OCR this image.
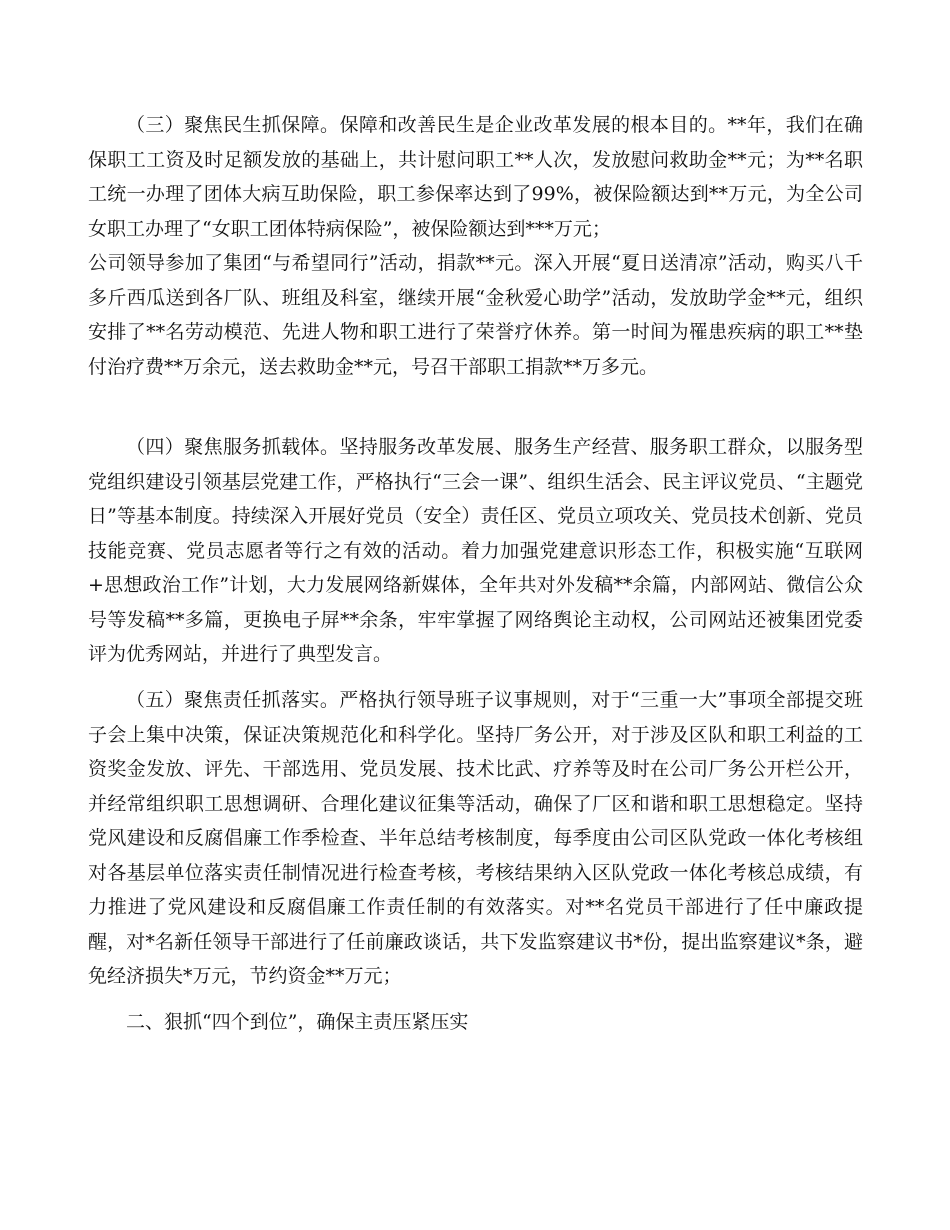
（三）聚焦民生抓保障。保障和改善民生是企业改革发展的根本目的。**年，我们在确保职工工资及时足额发放的基础上，共计慰问职工**人次，发放慰问救助金**元；为**名职工统一办理了团体大病互助保险，职工参保率达到了99%，被保险额达到**万元，为全公司女职工办理了“女职工团体特病保险”，被保险额达到***万元；
公司领导参加了集团“与希望同行”活动，捐款**元。深入开展“夏日送清凉”活动，购买八千多斤西瓜送到各厂队、班组及科室，继续开展“金秋爱心助学”活动，发放助学金**元，组织安排了**名劳动模范、先进人物和职工进行了荣誉疗休养。第一时间为罹患疾病的职工**垫付治疗费**万余元，送去救助金**元，号召干部职工捐款**万多元。

（四）聚焦服务抓载体。坚持服务改革发展、服务生产经营、服务职工群众，以服务型党组织建设引领基层党建工作，严格执行“三会一课”、组织生活会、民主评议党员、“主题党日”等基本制度。持续深入开展好党员（安全）责任区、党员立项攻关、党员技术创新、党员技能竞赛、党员志愿者等行之有效的活动。着力加强党建意识形态工作，积极实施“互联网+思想政治工作”计划，大力发展网络新媒体，全年共对外发稿**余篇，内部网站、微信公众号等发稿**多篇，更换电子屏**余条，牢牢掌握了网络舆论主动权，公司网站还被集团党委评为优秀网站，并进行了典型发言。

（五）聚焦责任抓落实。严格执行领导班子议事规则，对于“三重一大”事项全部提交班子会上集中决策，保证决策规范化和科学化。坚持厂务公开，对于涉及区队和职工利益的工资奖金发放、评先、干部选用、党员发展、技术比武、疗养等及时在公司厂务公开栏公开，并经常组织职工思想调研、合理化建议征集等活动，确保了厂区和谐和职工思想稳定。坚持党风建设和反腐倡廉工作季检查、半年总结考核制度，每季度由公司区队党政一体化考核组对各基层单位落实责任制情况进行检查考核，考核结果纳入区队党政一体化考核总成绩，有力推进了党风建设和反腐倡廉工作责任制的有效落实。对**名党员干部进行了任中廉政提醒，对*名新任领导干部进行了任前廉政谈话，共下发监察建议书*份，提出监察建议*条，避免经济损失*万元，节约资金**万元；

二、狠抓“四个到位”，确保主责压紧压实
